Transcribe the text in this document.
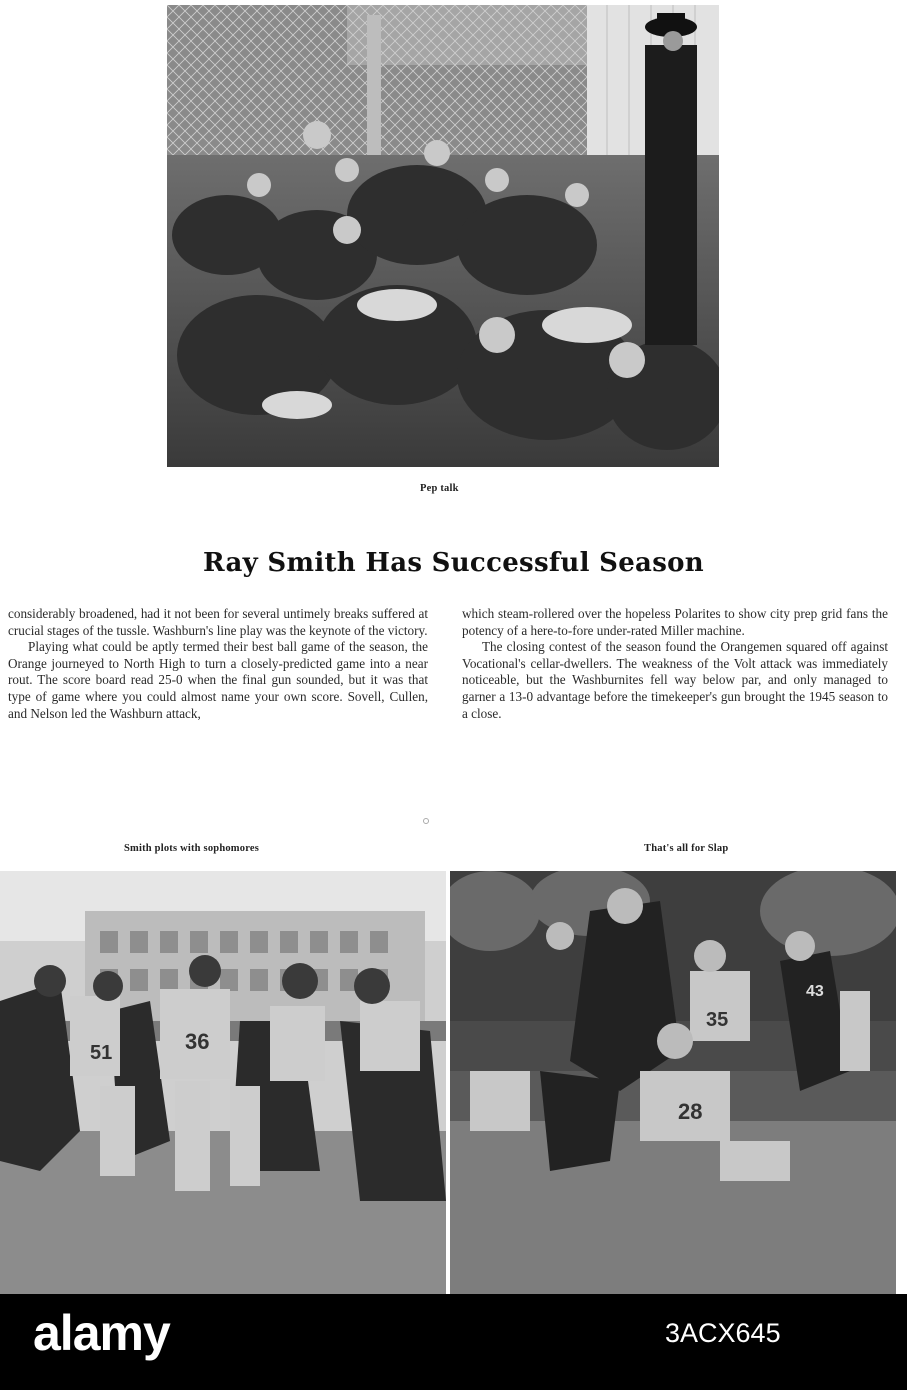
Pep talk
Ray Smith Has Successful Season

considerably broadened, had it not been for several untimely breaks suffered at crucial stages of the tussle. Washburn's line play was the keynote of the victory.

Playing what could be aptly termed their best ball game of the season, the Orange journeyed to North High to turn a closely-predicted game into a near rout. The score board read 25-0 when the final gun sounded, but it was that type of game where you could almost name your own score. Sovell, Cullen, and Nelson led the Washburn attack,

which steam-rollered over the hopeless Polarites to show city prep grid fans the potency of a here-to-fore under-rated Miller machine.

The closing contest of the season found the Orangemen squared off against Vocational's cellar-dwellers. The weakness of the Volt attack was immediately noticeable, but the Washburnites fell way below par, and only managed to garner a 13-0 advantage before the timekeeper's gun brought the 1945 season to a close.

Smith plots with sophomores	That's all for Slap
51	36
35
28
43
alamy	3ACX645
